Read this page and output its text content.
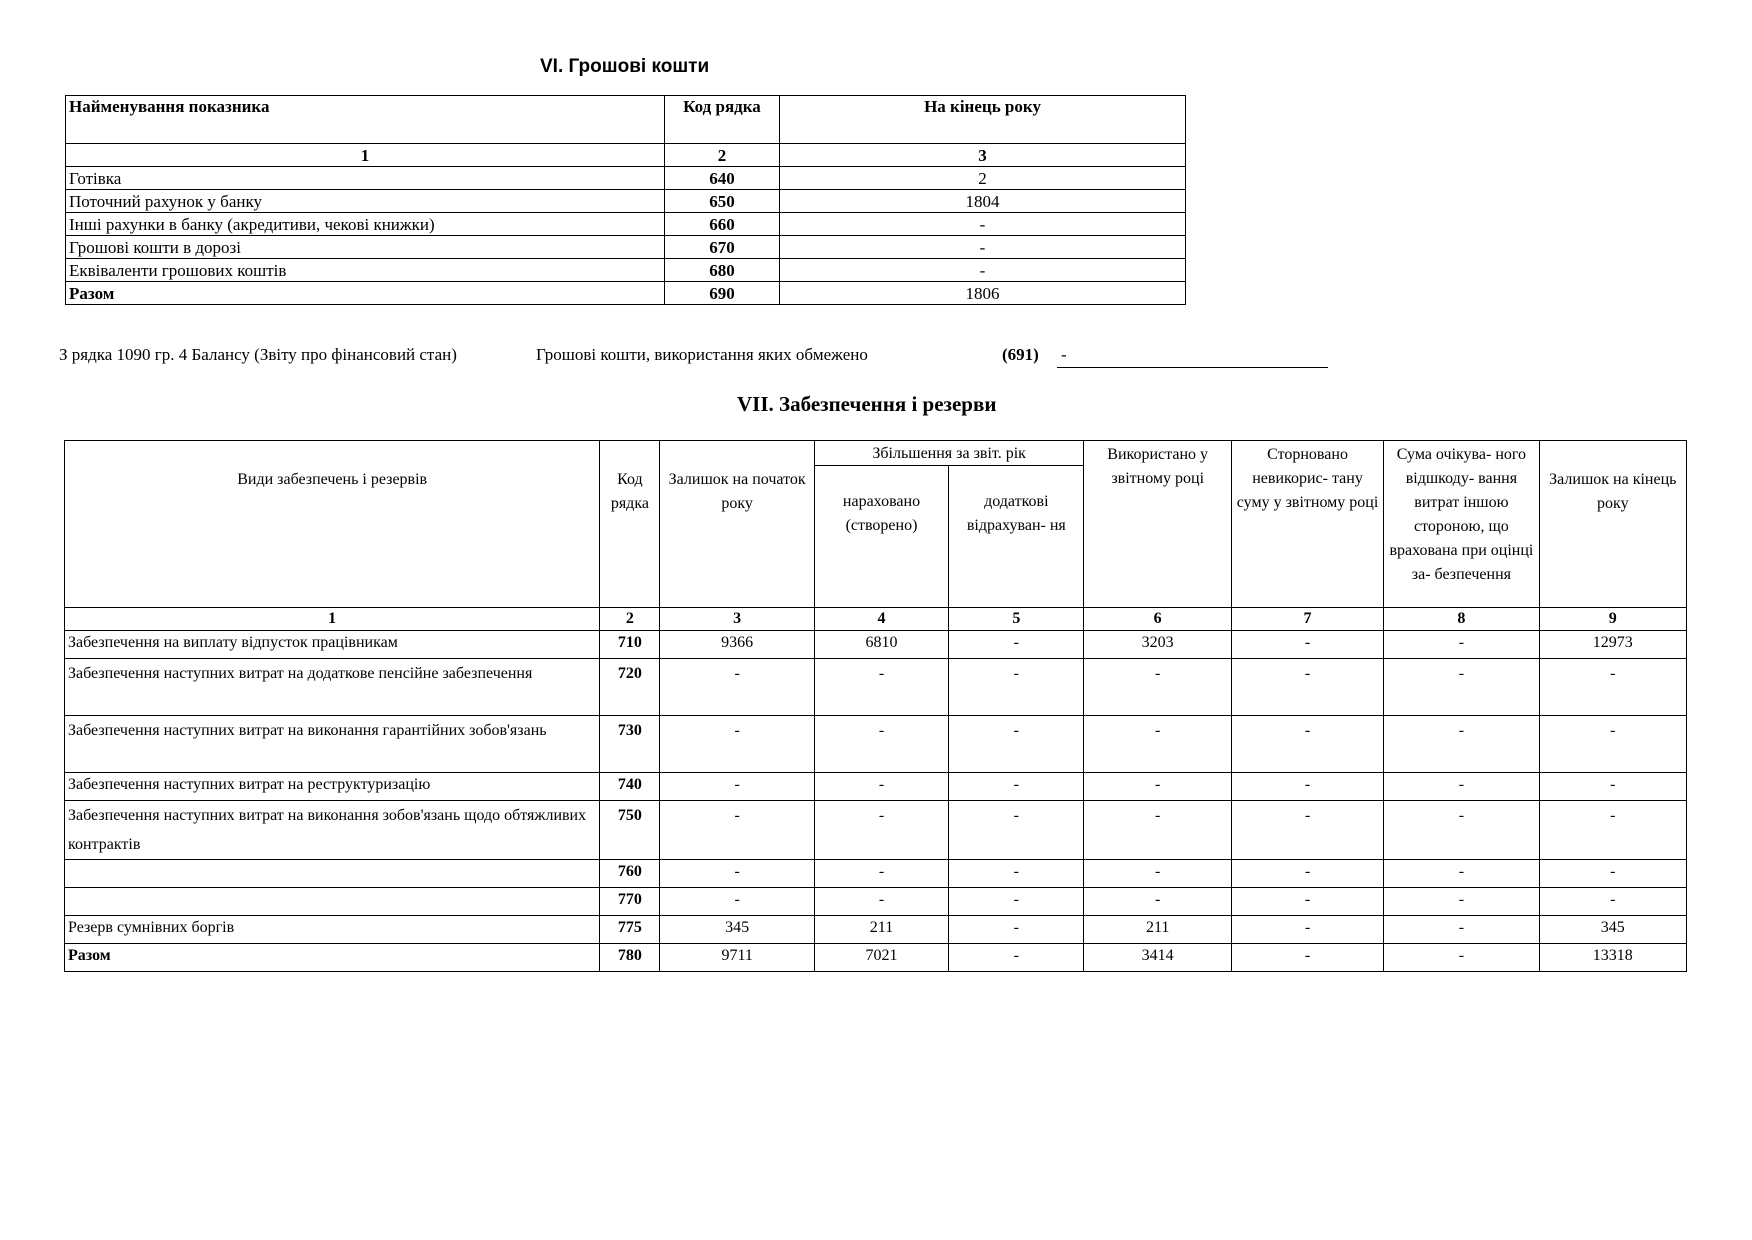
VI. Грошові кошти
Найменування показника	Код рядка	На кінець року
1	2	3
Готівка	640	2
Поточний рахунок у банку	650	1804
Інші рахунки в банку (акредитиви, чекові книжки)	660	-
Грошові кошти в дорозі	670	-
Еквіваленти грошових коштів	680	-
Разом	690	1806
З рядка 1090 гр. 4 Балансу (Звіту про фінансовий стан)	Грошові кошти, використання яких обмежено	(691) -
VII. Забезпечення і резерви
Види забезпечень і резервів	Код рядка	Залишок на початок року	Збільшення за звіт. рік		Використано у звітному році	Сторновано невикорис- тану суму у звітному році	Сума очікува- ного відшкоду- вання витрат іншою стороною, що врахована при оцінці за- безпечення	Залишок на кінець року
			нараховано (створено)	додаткові відрахуван- ня				
1	2	3	4	5	6	7	8	9
Забезпечення на виплату відпусток працівникам	710	9366	6810	-	3203	-	-	12973
Забезпечення наступних витрат на додаткове пенсійне забезпечення	720	-	-	-	-	-	-	-
Забезпечення наступних витрат на виконання гарантійних зобов'язань	730	-	-	-	-	-	-	-
Забезпечення наступних витрат на реструктуризацію	740	-	-	-	-	-	-	-
Забезпечення наступних витрат на виконання зобов'язань щодо обтяжливих контрактів	750	-	-	-	-	-	-	-
	760	-	-	-	-	-	-	-
	770	-	-	-	-	-	-	-
Резерв сумнівних боргів	775	345	211	-	211	-	-	345
Разом	780	9711	7021	-	3414	-	-	13318
